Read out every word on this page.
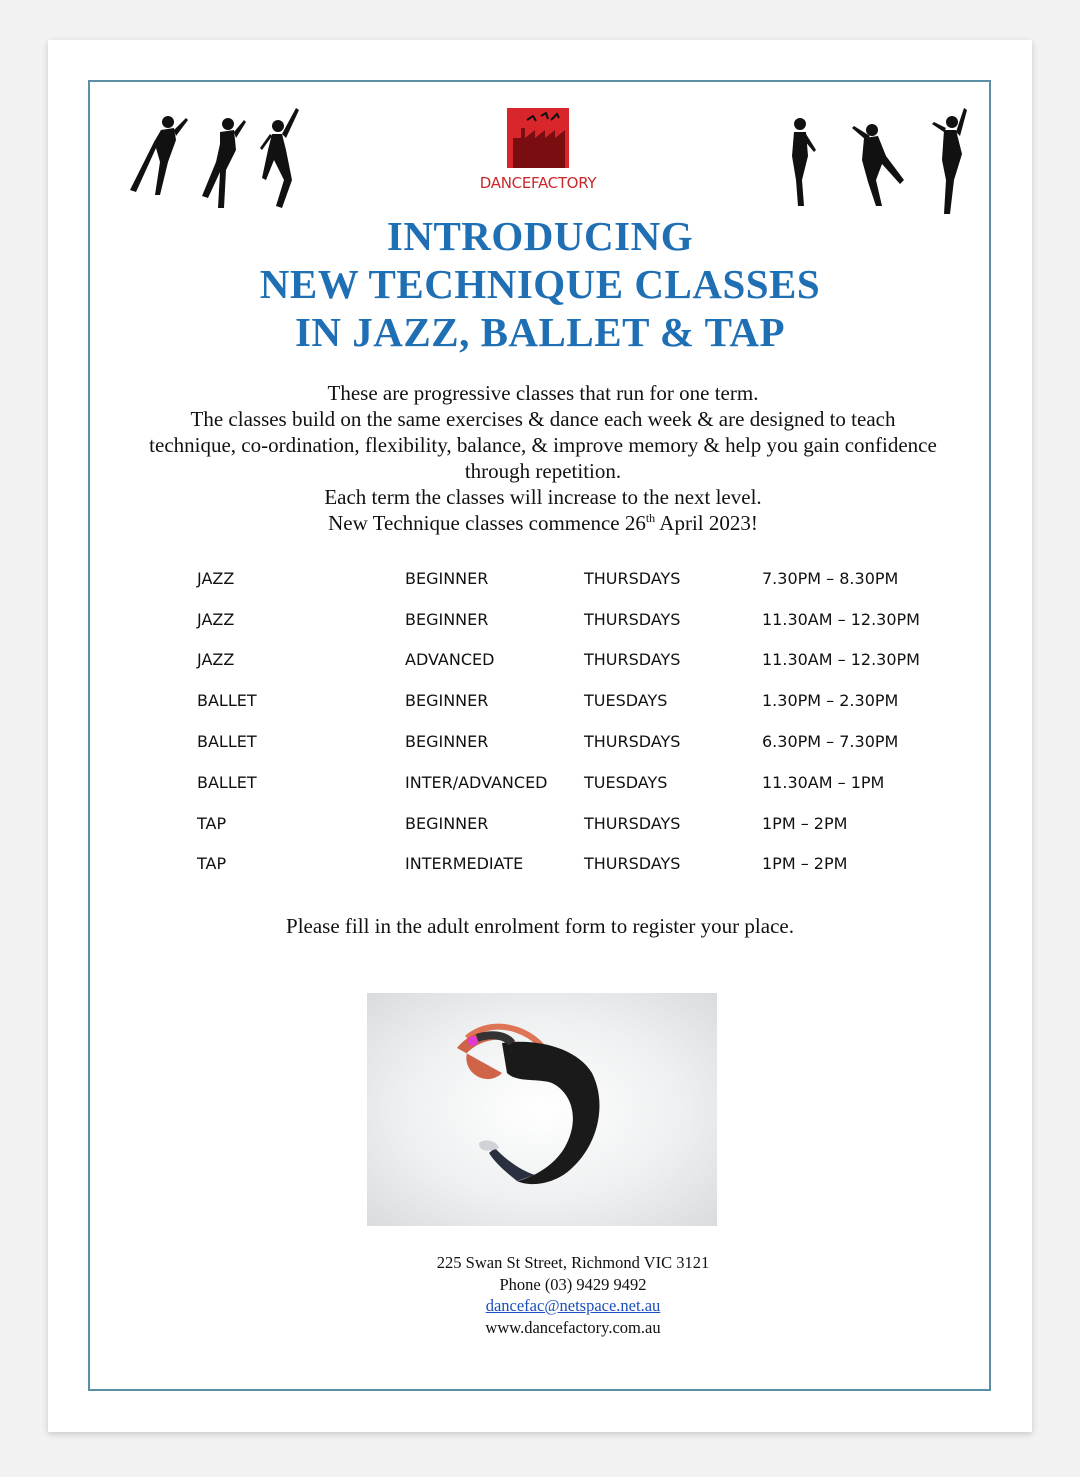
DANCEFACTORY
INTRODUCING
NEW TECHNIQUE CLASSES
IN JAZZ, BALLET & TAP
These are progressive classes that run for one term.
The classes build on the same exercises & dance each week & are designed to teach
technique, co-ordination, flexibility, balance, & improve memory & help you gain confidence
through repetition.
Each term the classes will increase to the next level.
New Technique classes commence 26th April 2023!
JAZZ	BEGINNER	THURSDAYS	7.30PM – 8.30PM
JAZZ	BEGINNER	THURSDAYS	11.30AM – 12.30PM
JAZZ	ADVANCED	THURSDAYS	11.30AM – 12.30PM
BALLET	BEGINNER	TUESDAYS	1.30PM – 2.30PM
BALLET	BEGINNER	THURSDAYS	6.30PM – 7.30PM
BALLET	INTER/ADVANCED	TUESDAYS	11.30AM – 1PM
TAP	BEGINNER	THURSDAYS	1PM – 2PM
TAP	INTERMEDIATE	THURSDAYS	1PM – 2PM
Please fill in the adult enrolment form to register your place.
225 Swan St Street, Richmond VIC 3121
Phone (03) 9429 9492
dancefac@netspace.net.au
www.dancefactory.com.au
